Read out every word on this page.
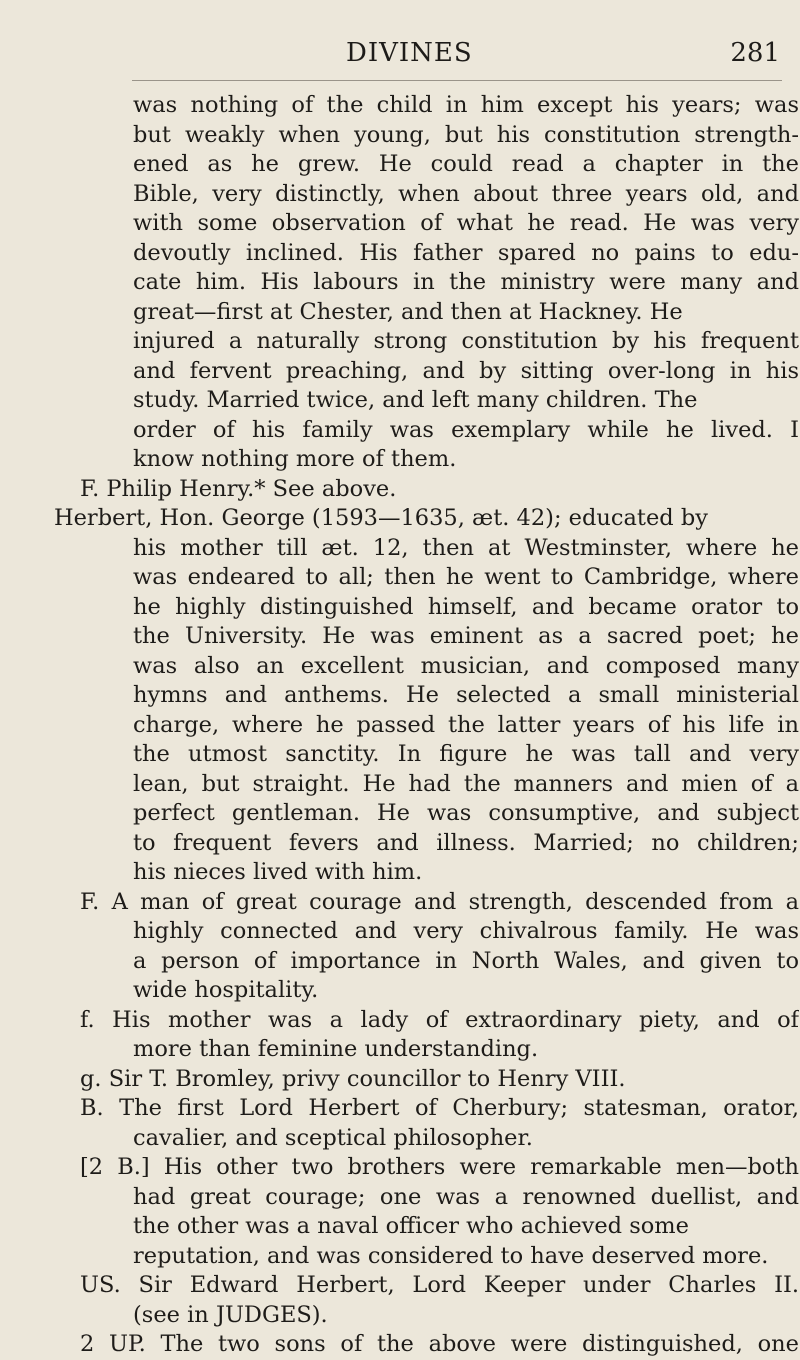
DIVINES	281
was nothing of the child in him except his years; was
but weakly when young, but his constitution strength-
ened as he grew. He could read a chapter in the
Bible, very distinctly, when about three years old, and
with some observation of what he read. He was very
devoutly inclined. His father spared no pains to edu-
cate him. His labours in the ministry were many and
great—first at Chester, and then at Hackney. He
injured a naturally strong constitution by his frequent
and fervent preaching, and by sitting over-long in his
study. Married twice, and left many children. The
order of his family was exemplary while he lived. I
know nothing more of them.
F. Philip Henry.* See above.
Herbert, Hon. George (1593—1635, æt. 42); educated by
his mother till æt. 12, then at Westminster, where he
was endeared to all; then he went to Cambridge, where
he highly distinguished himself, and became orator to
the University. He was eminent as a sacred poet; he
was also an excellent musician, and composed many
hymns and anthems. He selected a small ministerial
charge, where he passed the latter years of his life in
the utmost sanctity. In figure he was tall and very
lean, but straight. He had the manners and mien of a
perfect gentleman. He was consumptive, and subject
to frequent fevers and illness. Married; no children;
his nieces lived with him.
F. A man of great courage and strength, descended from a
highly connected and very chivalrous family. He was
a person of importance in North Wales, and given to
wide hospitality.
f. His mother was a lady of extraordinary piety, and of
more than feminine understanding.
g. Sir T. Bromley, privy councillor to Henry VIII.
B. The first Lord Herbert of Cherbury; statesman, orator,
cavalier, and sceptical philosopher.
[2 B.] His other two brothers were remarkable men—both
had great courage; one was a renowned duellist, and
the other was a naval officer who achieved some
reputation, and was considered to have deserved more.
US. Sir Edward Herbert, Lord Keeper under Charles II.
(see in JUDGES).
2 UP. The two sons of the above were distinguished, one
